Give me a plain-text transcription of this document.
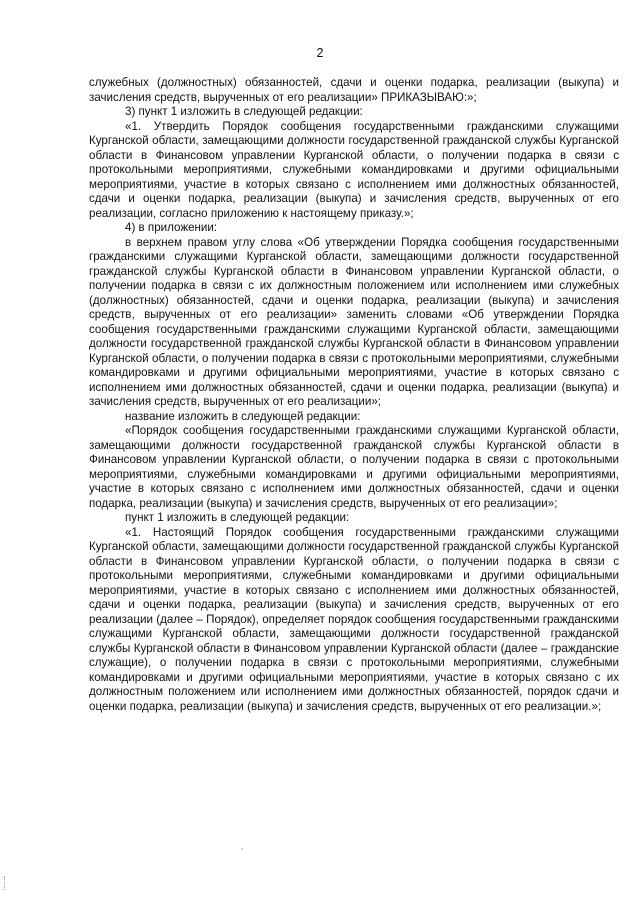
2

служебных (должностных) обязанностей, сдачи и оценки подарка, реализации (выкупа) и зачисления средств, вырученных от его реализации» ПРИКАЗЫВАЮ:»;

3) пункт 1 изложить в следующей редакции:

«1. Утвердить Порядок сообщения государственными гражданскими служащими Курганской области, замещающими должности государственной гражданской службы Курганской области в Финансовом управлении Курганской области, о получении подарка в связи с протокольными мероприятиями, служебными командировками и другими официальными мероприятиями, участие в которых связано с исполнением ими должностных обязанностей, сдачи и оценки подарка, реализации (выкупа) и зачисления средств, вырученных от его реализации, согласно приложению к настоящему приказу.»;

4) в приложении:

в верхнем правом углу слова «Об утверждении Порядка сообщения государственными гражданскими служащими Курганской области, замещающими должности государственной гражданской службы Курганской области в Финансовом управлении Курганской области, о получении подарка в связи с их должностным положением или исполнением ими служебных (должностных) обязанностей, сдачи и оценки подарка, реализации (выкупа) и зачисления средств, вырученных от его реализации» заменить словами «Об утверждении Порядка сообщения государственными гражданскими служащими Курганской области, замещающими должности государственной гражданской службы Курганской области в Финансовом управлении Курганской области, о получении подарка в связи с протокольными мероприятиями, служебными командировками и другими официальными мероприятиями, участие в которых связано с исполнением ими должностных обязанностей, сдачи и оценки подарка, реализации (выкупа) и зачисления средств, вырученных от его реализации»;

название изложить в следующей редакции:

«Порядок сообщения государственными гражданскими служащими Курганской области, замещающими должности государственной гражданской службы Курганской области в Финансовом управлении Курганской области, о получении подарка в связи с протокольными мероприятиями, служебными командировками и другими официальными мероприятиями, участие в которых связано с исполнением ими должностных обязанностей, сдачи и оценки подарка, реализации (выкупа) и зачисления средств, вырученных от его реализации»;

пункт 1 изложить в следующей редакции:

«1. Настоящий Порядок сообщения государственными гражданскими служащими Курганской области, замещающими должности государственной гражданской службы Курганской области в Финансовом управлении Курганской области, о получении подарка в связи с протокольными мероприятиями, служебными командировками и другими официальными мероприятиями, участие в которых связано с исполнением ими должностных обязанностей, сдачи и оценки подарка, реализации (выкупа) и зачисления средств, вырученных от его реализации (далее – Порядок), определяет порядок сообщения государственными гражданскими служащими Курганской области, замещающими должности государственной гражданской службы Курганской области в Финансовом управлении Курганской области (далее – гражданские служащие), о получении подарка в связи с протокольными мероприятиями, служебными командировками и другими официальными мероприятиями, участие в которых связано с их должностным положением или исполнением ими должностных обязанностей, порядок сдачи и оценки подарка, реализации (выкупа) и зачисления средств, вырученных от его реализации.»;
